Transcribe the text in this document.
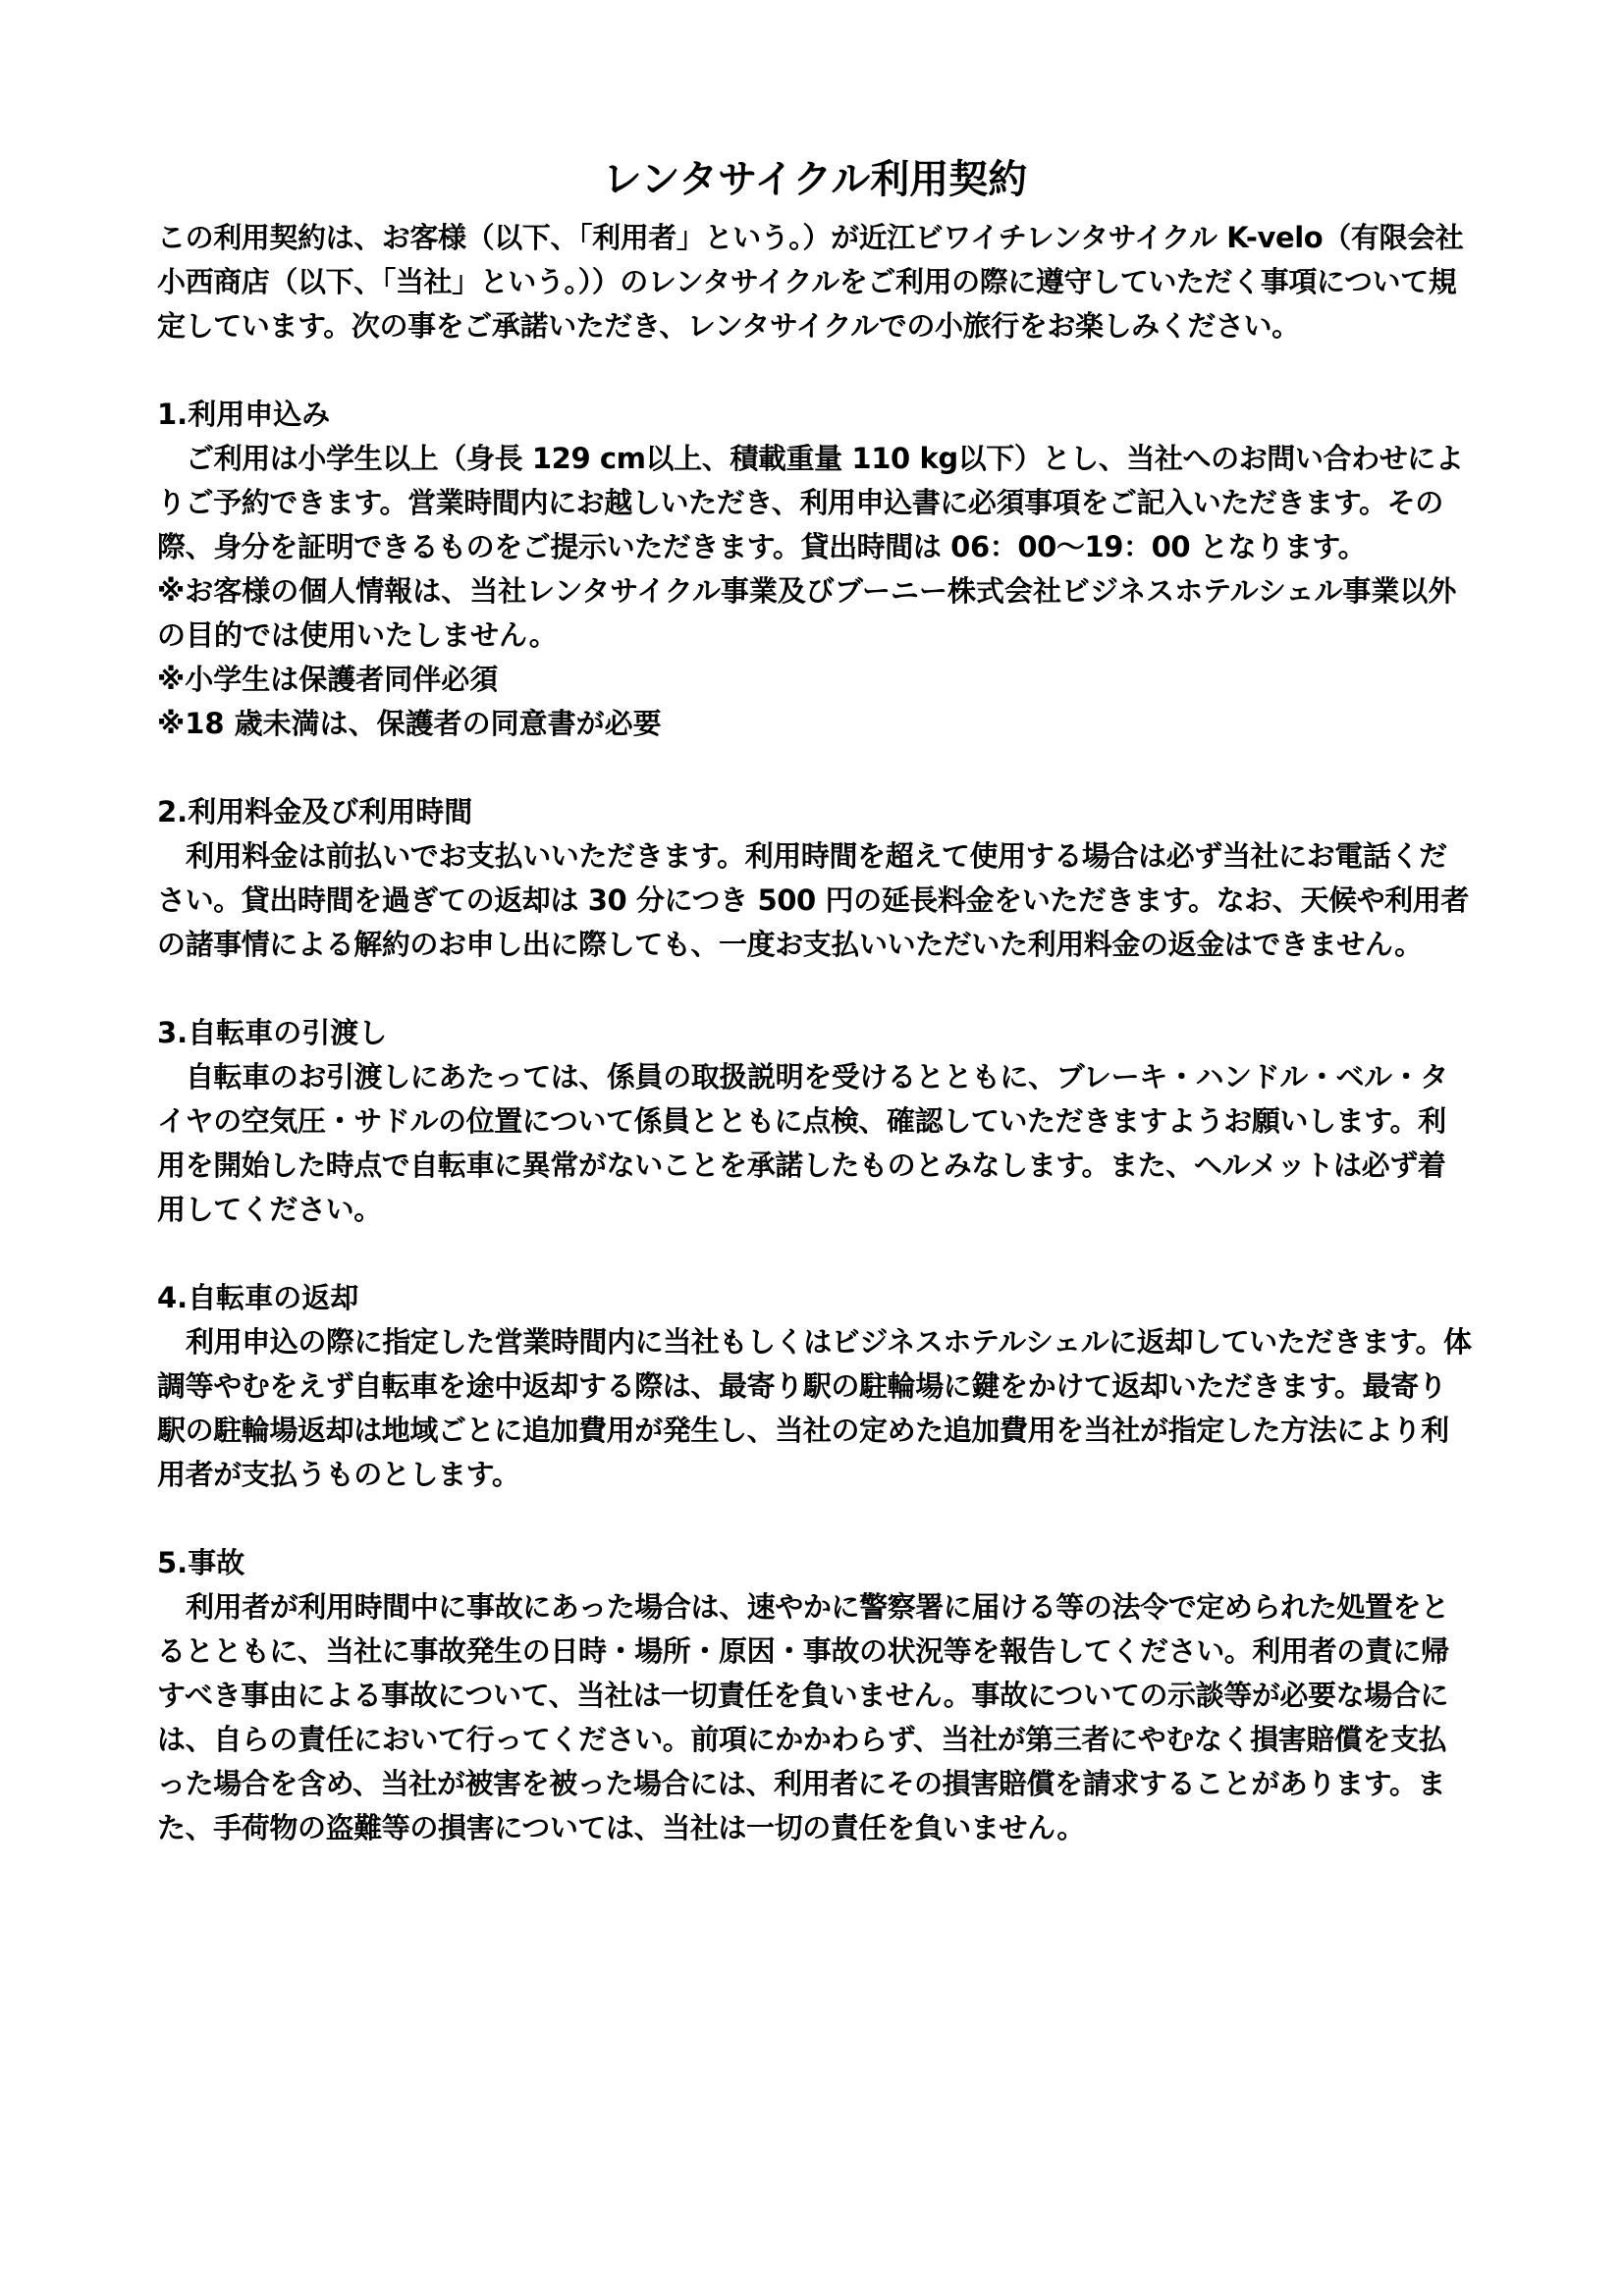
レンタサイクル利用契約

この利用契約は、お客様（以下、「利用者」という。）が近江ビワイチレンタサイクル K-velo（有限会社小西商店（以下、「当社」という。））のレンタサイクルをご利用の際に遵守していただく事項について規定しています。次の事をご承諾いただき、レンタサイクルでの小旅行をお楽しみください。

1.利用申込み

ご利用は小学生以上（身長 129 cm以上、積載重量 110 kg以下）とし、当社へのお問い合わせによりご予約できます。営業時間内にお越しいただき、利用申込書に必須事項をご記入いただきます。その際、身分を証明できるものをご提示いただきます。貸出時間は 06：00〜19：00 となります。

※お客様の個人情報は、当社レンタサイクル事業及びブーニー株式会社ビジネスホテルシェル事業以外の目的では使用いたしません。

※小学生は保護者同伴必須

※18 歳未満は、保護者の同意書が必要

2.利用料金及び利用時間

利用料金は前払いでお支払いいただきます。利用時間を超えて使用する場合は必ず当社にお電話ください。貸出時間を過ぎての返却は 30 分につき 500 円の延長料金をいただきます。なお、天候や利用者の諸事情による解約のお申し出に際しても、一度お支払いいただいた利用料金の返金はできません。

3.自転車の引渡し

自転車のお引渡しにあたっては、係員の取扱説明を受けるとともに、ブレーキ・ハンドル・ベル・タイヤの空気圧・サドルの位置について係員とともに点検、確認していただきますようお願いします。利用を開始した時点で自転車に異常がないことを承諾したものとみなします。また、ヘルメットは必ず着用してください。

4.自転車の返却

利用申込の際に指定した営業時間内に当社もしくはビジネスホテルシェルに返却していただきます。体調等やむをえず自転車を途中返却する際は、最寄り駅の駐輪場に鍵をかけて返却いただきます。最寄り駅の駐輪場返却は地域ごとに追加費用が発生し、当社の定めた追加費用を当社が指定した方法により利用者が支払うものとします。

5.事故

利用者が利用時間中に事故にあった場合は、速やかに警察署に届ける等の法令で定められた処置をとるとともに、当社に事故発生の日時・場所・原因・事故の状況等を報告してください。利用者の責に帰すべき事由による事故について、当社は一切責任を負いません。事故についての示談等が必要な場合には、自らの責任において行ってください。前項にかかわらず、当社が第三者にやむなく損害賠償を支払った場合を含め、当社が被害を被った場合には、利用者にその損害賠償を請求することがあります。また、手荷物の盗難等の損害については、当社は一切の責任を負いません。
